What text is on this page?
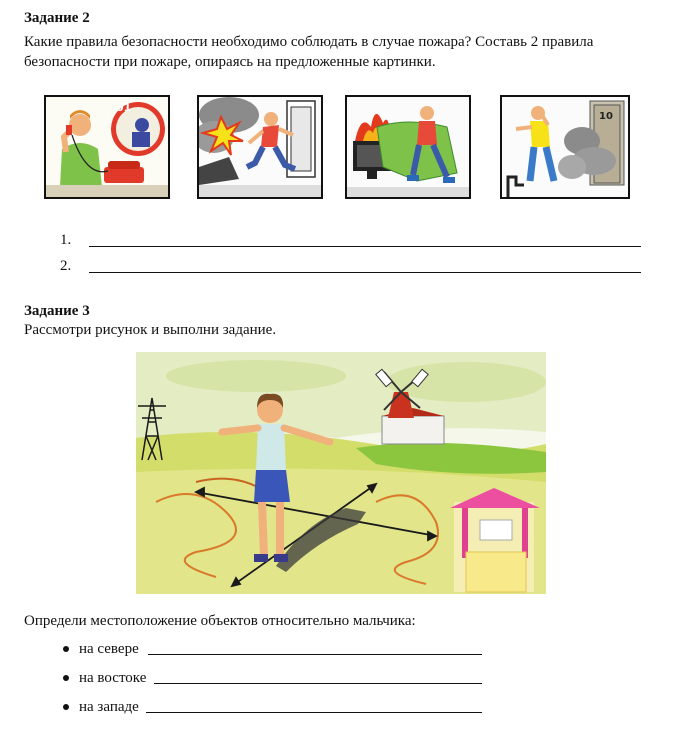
Задание 2
Какие правила безопасности необходимо соблюдать в случае пожара? Составь 2 правила
безопасности при пожаре, опираясь на предложенные картинки.
01
10
1.
2.
Задание 3
Рассмотри рисунок и выполни задание.
Определи местоположение объектов относительно мальчика:
на севере
на востоке
на западе
